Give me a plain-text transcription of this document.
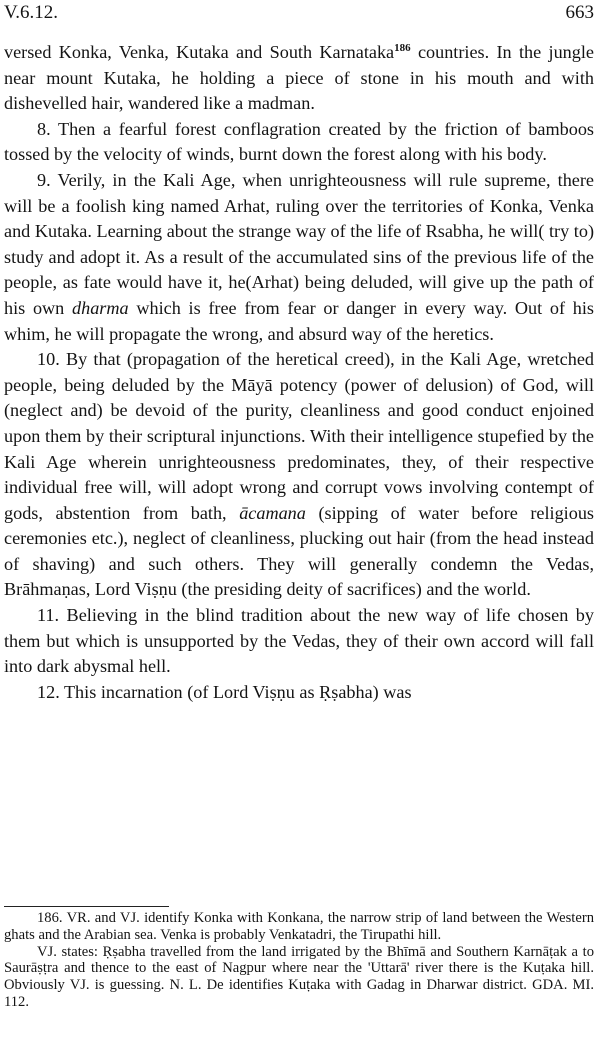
V.6.12.	663

versed Konka, Venka, Kutaka and South Karnataka$^{186}$ countries. In the jungle near mount Kutaka, he holding a piece of stone in his mouth and with dishevelled hair, wandered like a madman.

8. Then a fearful forest conflagration created by the friction of bamboos tossed by the velocity of winds, burnt down the forest along with his body.

9. Verily, in the Kali Age, when unrighteousness will rule supreme, there will be a foolish king named Arhat, ruling over the territories of Konka, Venka and Kutaka. Learning about the strange way of the life of Rsabha, he will( try to) study and adopt it. As a result of the accumulated sins of the previous life of the people, as fate would have it, he(Arhat) being deluded, will give up the path of his own dharma which is free from fear or danger in every way. Out of his whim, he will propagate the wrong, and absurd way of the heretics.

10. By that (propagation of the heretical creed), in the Kali Age, wretched people, being deluded by the Māyā potency (power of delusion) of God, will (neglect and) be devoid of the purity, cleanliness and good conduct enjoined upon them by their scriptural injunctions. With their intelligence stupefied by the Kali Age wherein unrighteousness predominates, they, of their respective individual free will, will adopt wrong and corrupt vows involving contempt of gods, abstention from bath, ācamana (sipping of water before religious ceremonies etc.), neglect of cleanliness, plucking out hair (from the head instead of shaving) and such others. They will generally condemn the Vedas, Brāhmaṇas, Lord Viṣṇu (the presiding deity of sacrifices) and the world.

11. Believing in the blind tradition about the new way of life chosen by them but which is unsupported by the Vedas, they of their own accord will fall into dark abysmal hell.

12. This incarnation (of Lord Viṣṇu as Ṛṣabha) was

186. VR. and VJ. identify Konka with Konkana, the narrow strip of land between the Western ghats and the Arabian sea. Venka is probably Venkatadri, the Tirupathi hill.

VJ. states: Ṛṣabha travelled from the land irrigated by the Bhīmā and Southern Karnāṭak a to Saurāṣṭra and thence to the east of Nagpur where near the 'Uttarā' river there is the Kuṭaka hill. Obviously VJ. is guessing. N. L. De identifies Kuṭaka with Gadag in Dharwar district. GDA. MI. 112.
